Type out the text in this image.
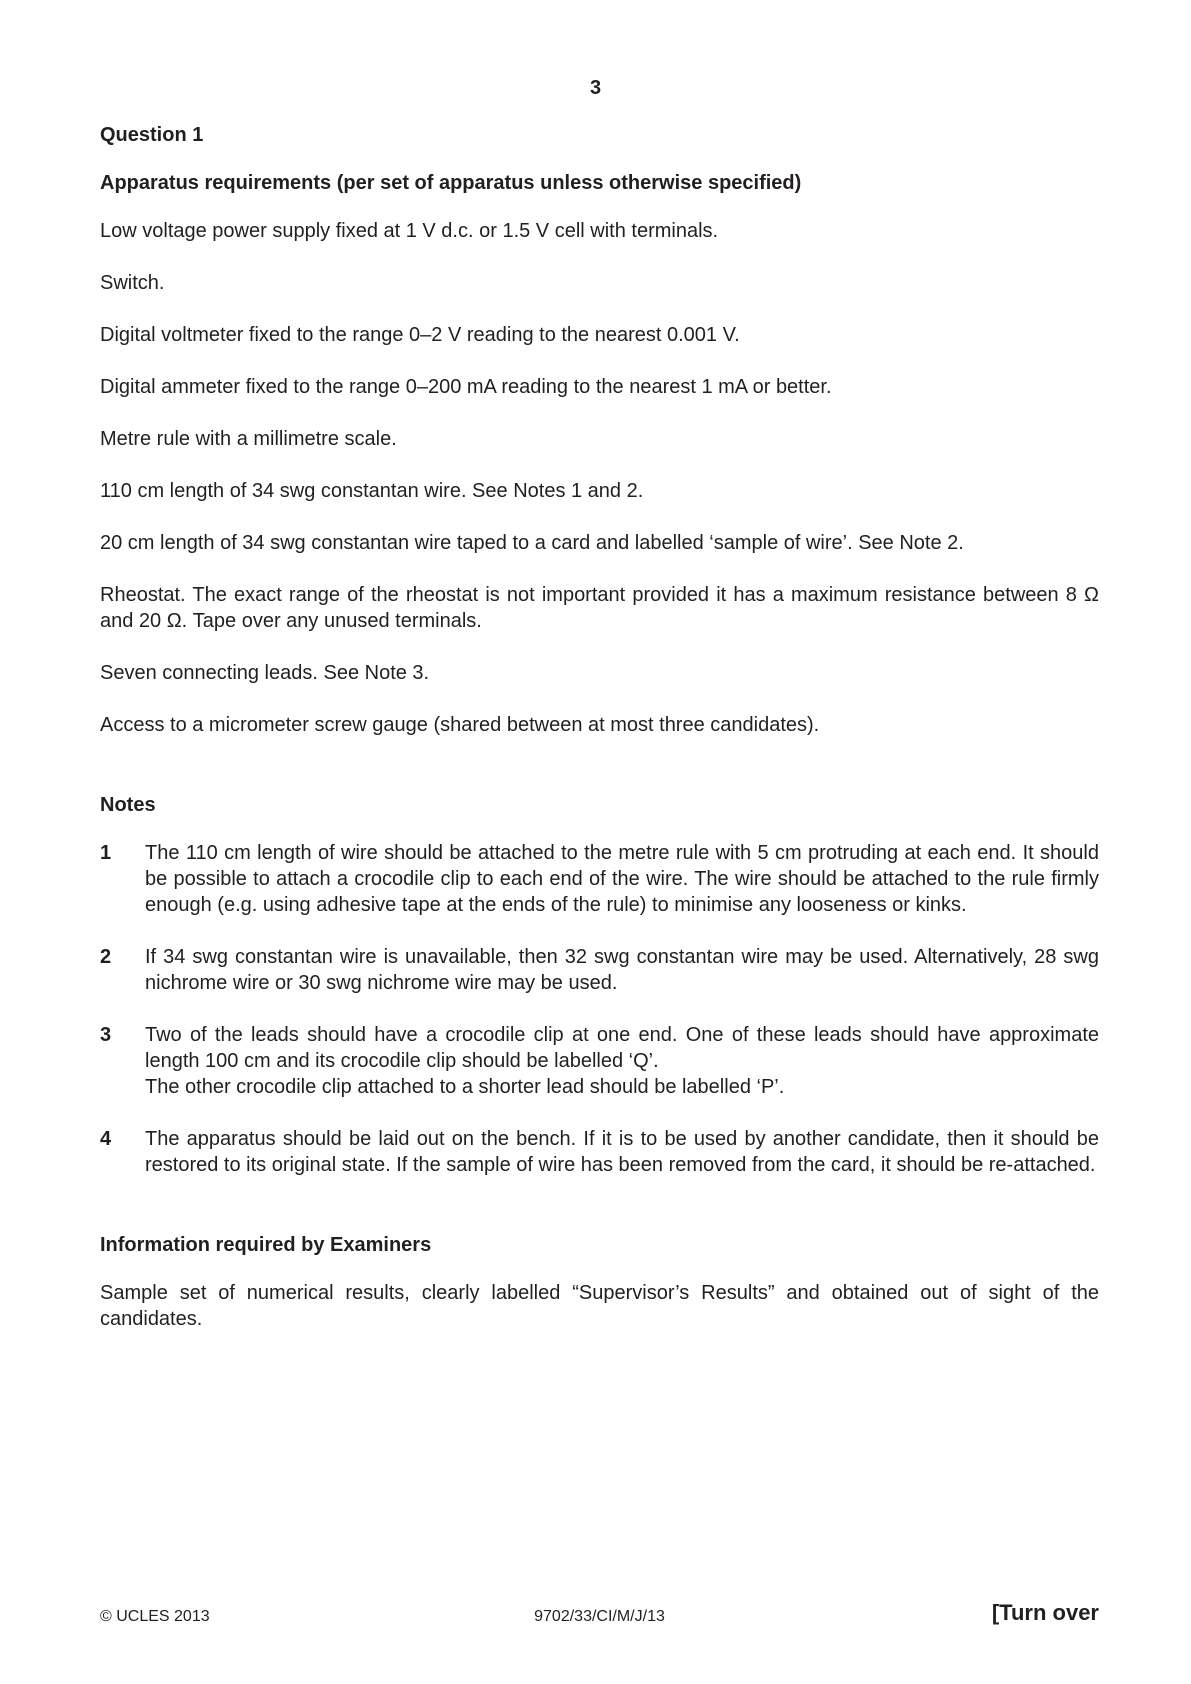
3
Question 1
Apparatus requirements (per set of apparatus unless otherwise specified)

Low voltage power supply fixed at 1 V d.c. or 1.5 V cell with terminals.

Switch.

Digital voltmeter fixed to the range 0–2 V reading to the nearest 0.001 V.

Digital ammeter fixed to the range 0–200 mA reading to the nearest 1 mA or better.

Metre rule with a millimetre scale.

110 cm length of 34 swg constantan wire. See Notes 1 and 2.

20 cm length of 34 swg constantan wire taped to a card and labelled ‘sample of wire’. See Note 2.

Rheostat. The exact range of the rheostat is not important provided it has a maximum resistance between 8 Ω and 20 Ω. Tape over any unused terminals.

Seven connecting leads. See Note 3.

Access to a micrometer screw gauge (shared between at most three candidates).

Notes
1	The 110 cm length of wire should be attached to the metre rule with 5 cm protruding at each end. It should be possible to attach a crocodile clip to each end of the wire. The wire should be attached to the rule firmly enough (e.g. using adhesive tape at the ends of the rule) to minimise any looseness or kinks.

2	If 34 swg constantan wire is unavailable, then 32 swg constantan wire may be used. Alternatively, 28 swg nichrome wire or 30 swg nichrome wire may be used.

3	Two of the leads should have a crocodile clip at one end. One of these leads should have approximate length 100 cm and its crocodile clip should be labelled ‘Q’.

The other crocodile clip attached to a shorter lead should be labelled ‘P’.

4	The apparatus should be laid out on the bench. If it is to be used by another candidate, then it should be restored to its original state. If the sample of wire has been removed from the card, it should be re-attached.

Information required by Examiners

Sample set of numerical results, clearly labelled “Supervisor’s Results” and obtained out of sight of the candidates.

© UCLES 2013	9702/33/CI/M/J/13	[Turn over
